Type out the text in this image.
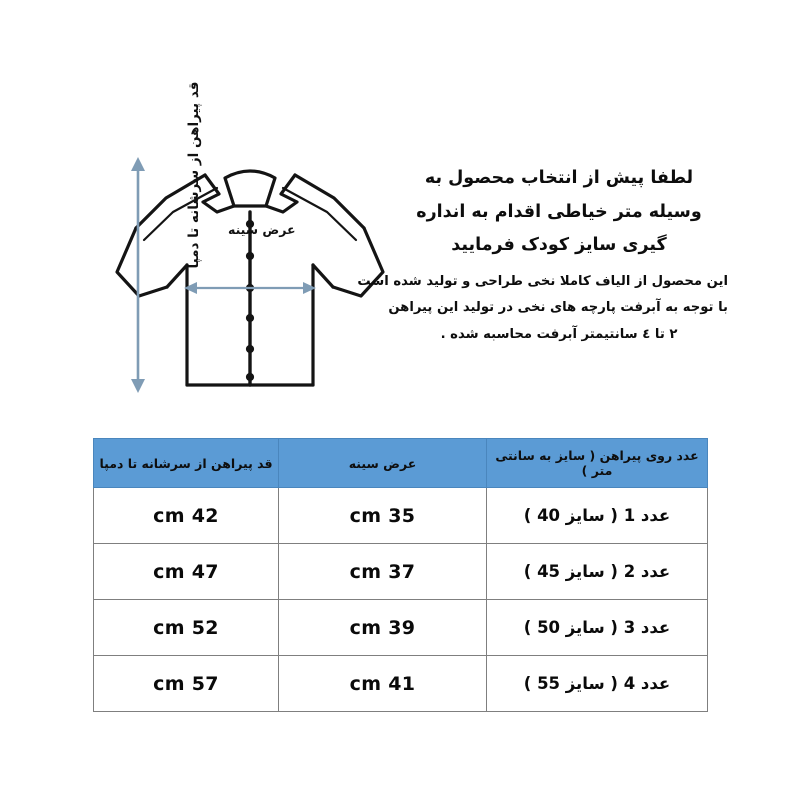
قد پیراهن از سرشانه تا دمپا	عرض سینه
لطفا پیش از انتخاب محصول به
وسیله متر خیاطی اقدام به انداره
گیری سایز کودک فرمایید
این محصول از الیاف کاملا نخی طراحی و تولید شده است
با توجه به آبرفت پارچه های نخی در تولید این پیراهن
٢ تا ٤ سانتیمتر آبرفت محاسبه شده .
عدد روی پیراهن ( سایز به سانتی متر )	عرض سینه	قد پیراهن از سرشانه تا دمپا
عدد 1 ( سایز 40 )	35 cm	42 cm
عدد 2 ( سایز 45 )	37 cm	47 cm
عدد 3 ( سایز 50 )	39 cm	52 cm
عدد 4 ( سایز 55 )	41 cm	57 cm
